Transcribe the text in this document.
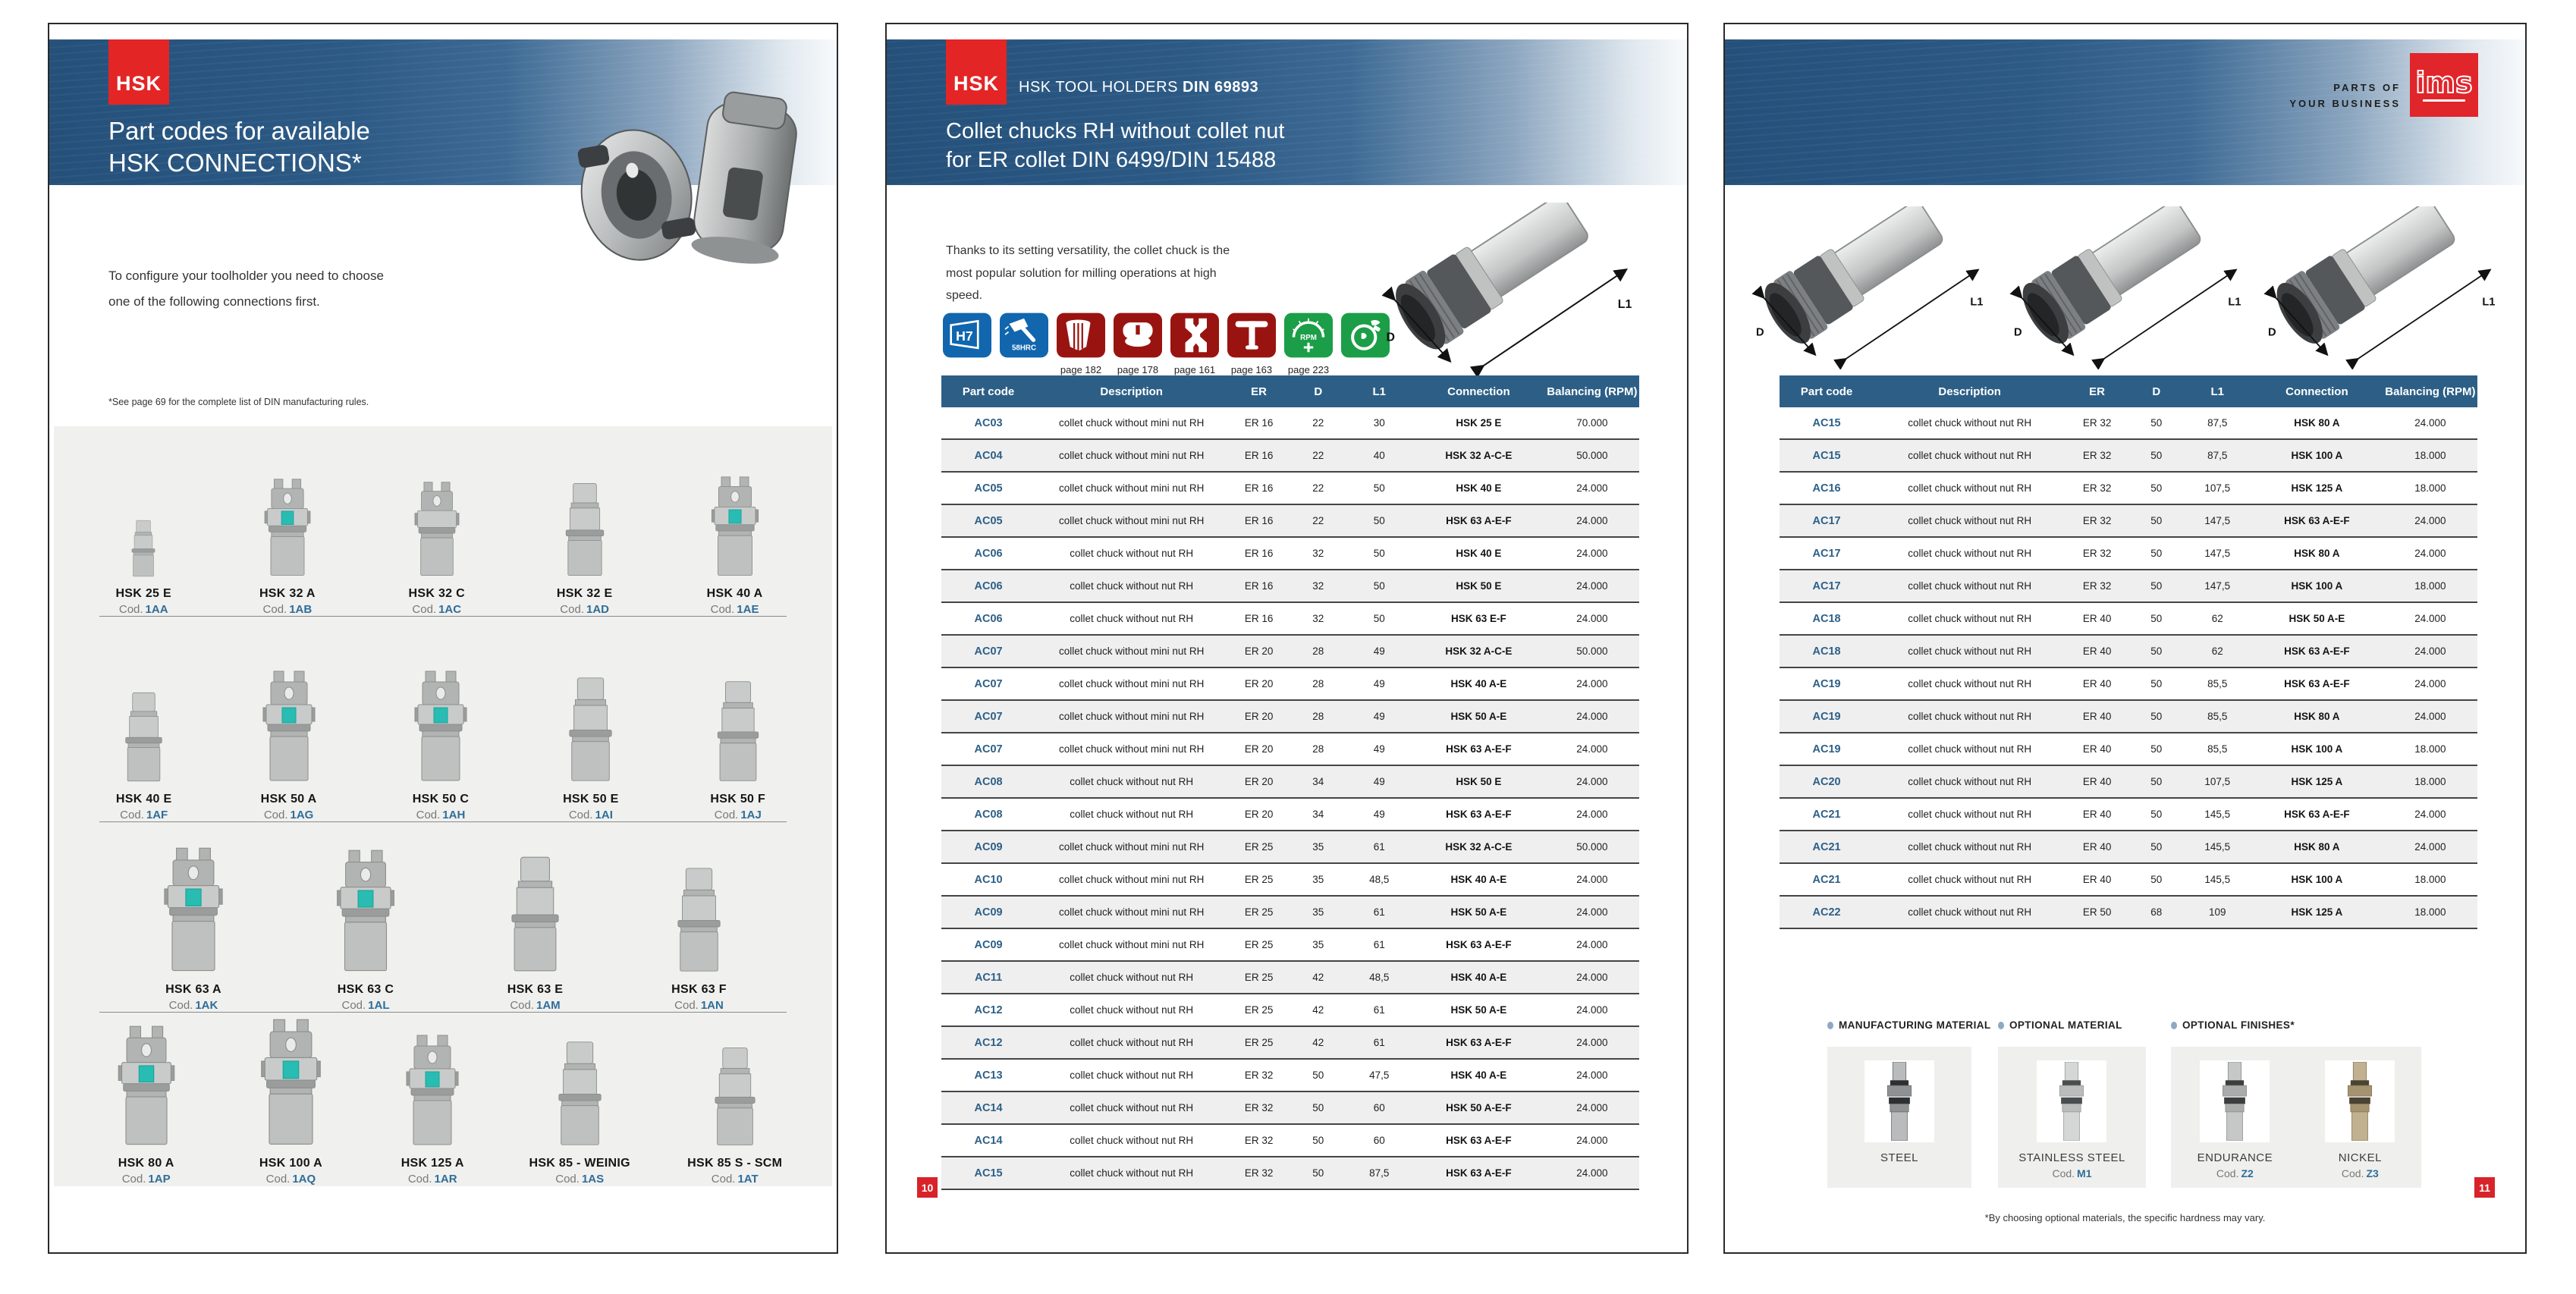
HSK
Part codes for available
HSK CONNECTIONS*

To configure your toolholder you need to choose
one of the following connections first.

*See page 69 for the complete list of DIN manufacturing rules.

HSK 25 E
Cod. 1AA
HSK 32 A
Cod. 1AB
HSK 32 C
Cod. 1AC
HSK 32 E
Cod. 1AD
HSK 40 A
Cod. 1AE
HSK 40 E
Cod. 1AF
HSK 50 A
Cod. 1AG
HSK 50 C
Cod. 1AH
HSK 50 E
Cod. 1AI
HSK 50 F
Cod. 1AJ
HSK 63 A
Cod. 1AK
HSK 63 C
Cod. 1AL
HSK 63 E
Cod. 1AM
HSK 63 F
Cod. 1AN
HSK 80 A
Cod. 1AP
HSK 100 A
Cod. 1AQ
HSK 125 A
Cod. 1AR
HSK 85 - WEINIG
Cod. 1AS
HSK 85 S - SCM
Cod. 1AT
HSK HSK TOOL HOLDERS DIN 69893
Collet chucks RH without collet nut
for ER collet DIN 6499/DIN 15488

Thanks to its setting versatility, the collet chuck is the
most popular solution for milling operations at high
speed.

H7

58HRC

page 182 page 178 page 161 page 163
RPM
page 223

D
L1
Part code	Description	ER	D	L1	Connection	Balancing (RPM)
AC03	collet chuck without mini nut RH	ER 16	22	30	HSK 25 E	70.000
AC04	collet chuck without mini nut RH	ER 16	22	40	HSK 32 A-C-E	50.000
AC05	collet chuck without mini nut RH	ER 16	22	50	HSK 40 E	24.000
AC05	collet chuck without mini nut RH	ER 16	22	50	HSK 63 A-E-F	24.000
AC06	collet chuck without nut RH	ER 16	32	50	HSK 40 E	24.000
AC06	collet chuck without nut RH	ER 16	32	50	HSK 50 E	24.000
AC06	collet chuck without nut RH	ER 16	32	50	HSK 63 E-F	24.000
AC07	collet chuck without mini nut RH	ER 20	28	49	HSK 32 A-C-E	50.000
AC07	collet chuck without mini nut RH	ER 20	28	49	HSK 40 A-E	24.000
AC07	collet chuck without mini nut RH	ER 20	28	49	HSK 50 A-E	24.000
AC07	collet chuck without mini nut RH	ER 20	28	49	HSK 63 A-E-F	24.000
AC08	collet chuck without nut RH	ER 20	34	49	HSK 50 E	24.000
AC08	collet chuck without nut RH	ER 20	34	49	HSK 63 A-E-F	24.000
AC09	collet chuck without mini nut RH	ER 25	35	61	HSK 32 A-C-E	50.000
AC10	collet chuck without mini nut RH	ER 25	35	48,5	HSK 40 A-E	24.000
AC09	collet chuck without mini nut RH	ER 25	35	61	HSK 50 A-E	24.000
AC09	collet chuck without mini nut RH	ER 25	35	61	HSK 63 A-E-F	24.000
AC11	collet chuck without nut RH	ER 25	42	48,5	HSK 40 A-E	24.000
AC12	collet chuck without nut RH	ER 25	42	61	HSK 50 A-E	24.000
AC12	collet chuck without nut RH	ER 25	42	61	HSK 63 A-E-F	24.000
AC13	collet chuck without nut RH	ER 32	50	47,5	HSK 40 A-E	24.000
AC14	collet chuck without nut RH	ER 32	50	60	HSK 50 A-E-F	24.000
AC14	collet chuck without nut RH	ER 32	50	60	HSK 63 A-E-F	24.000
AC15	collet chuck without nut RH	ER 32	50	87,5	HSK 63 A-E-F	24.000
10
PARTS OF
YOUR BUSINESS
ims
D
L1
D
L1
D
L1
Part code	Description	ER	D	L1	Connection	Balancing (RPM)
AC15	collet chuck without nut RH	ER 32	50	87,5	HSK 80 A	24.000
AC15	collet chuck without nut RH	ER 32	50	87,5	HSK 100 A	18.000
AC16	collet chuck without nut RH	ER 32	50	107,5	HSK 125 A	18.000
AC17	collet chuck without nut RH	ER 32	50	147,5	HSK 63 A-E-F	24.000
AC17	collet chuck without nut RH	ER 32	50	147,5	HSK 80 A	24.000
AC17	collet chuck without nut RH	ER 32	50	147,5	HSK 100 A	18.000
AC18	collet chuck without nut RH	ER 40	50	62	HSK 50 A-E	24.000
AC18	collet chuck without nut RH	ER 40	50	62	HSK 63 A-E-F	24.000
AC19	collet chuck without nut RH	ER 40	50	85,5	HSK 63 A-E-F	24.000
AC19	collet chuck without nut RH	ER 40	50	85,5	HSK 80 A	24.000
AC19	collet chuck without nut RH	ER 40	50	85,5	HSK 100 A	18.000
AC20	collet chuck without nut RH	ER 40	50	107,5	HSK 125 A	18.000
AC21	collet chuck without nut RH	ER 40	50	145,5	HSK 63 A-E-F	24.000
AC21	collet chuck without nut RH	ER 40	50	145,5	HSK 80 A	24.000
AC21	collet chuck without nut RH	ER 40	50	145,5	HSK 100 A	18.000
AC22	collet chuck without nut RH	ER 50	68	109	HSK 125 A	18.000

*By choosing optional materials, the specific hardness may vary.

11
MANUFACTURING MATERIAL
STEEL
OPTIONAL MATERIAL
STAINLESS STEEL
Cod. M1
OPTIONAL FINISHES*
ENDURANCE
Cod. Z2
NICKEL
Cod. Z3
